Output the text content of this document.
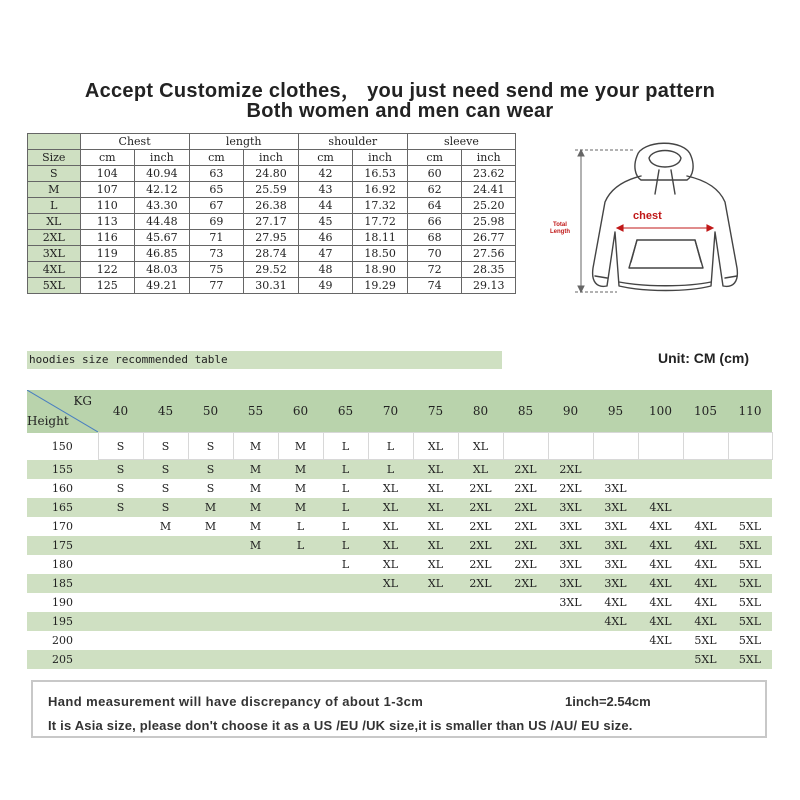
Accept Customize clothes， you just need send me your pattern
Both women and men can wear
	Chest		length		shoulder		sleeve	
Size	cm	inch	cm	inch	cm	inch	cm	inch
S	104	40.94	63	24.80	42	16.53	60	23.62
M	107	42.12	65	25.59	43	16.92	62	24.41
L	110	43.30	67	26.38	44	17.32	64	25.20
XL	113	44.48	69	27.17	45	17.72	66	25.98
2XL	116	45.67	71	27.95	46	18.11	68	26.77
3XL	119	46.85	73	28.74	47	18.50	70	27.56
4XL	122	48.03	75	29.52	48	18.90	72	28.35
5XL	125	49.21	77	30.31	49	19.29	74	29.13
chest
Total Length
hoodies size recommended table	Unit: CM (cm)
KG
Height	40	45	50	55	60	65	70	75	80	85	90	95	100	105	110
150	S	S	S	M	M	L	L	XL	XL						
155	S	S	S	M	M	L	L	XL	XL	2XL	2XL				
160	S	S	S	M	M	L	XL	XL	2XL	2XL	2XL	3XL			
165	S	S	M	M	M	L	XL	XL	2XL	2XL	3XL	3XL	4XL		
170		M	M	M	L	L	XL	XL	2XL	2XL	3XL	3XL	4XL	4XL	5XL
175				M	L	L	XL	XL	2XL	2XL	3XL	3XL	4XL	4XL	5XL
180						L	XL	XL	2XL	2XL	3XL	3XL	4XL	4XL	5XL
185							XL	XL	2XL	2XL	3XL	3XL	4XL	4XL	5XL
190											3XL	4XL	4XL	4XL	5XL
195												4XL	4XL	4XL	5XL
200													4XL	5XL	5XL
205														5XL	5XL
Hand measurement will have discrepancy of about 1-3cm	1inch=2.54cm
It is Asia size, please don't choose it as a US /EU /UK size,it is smaller than US /AU/ EU size.
